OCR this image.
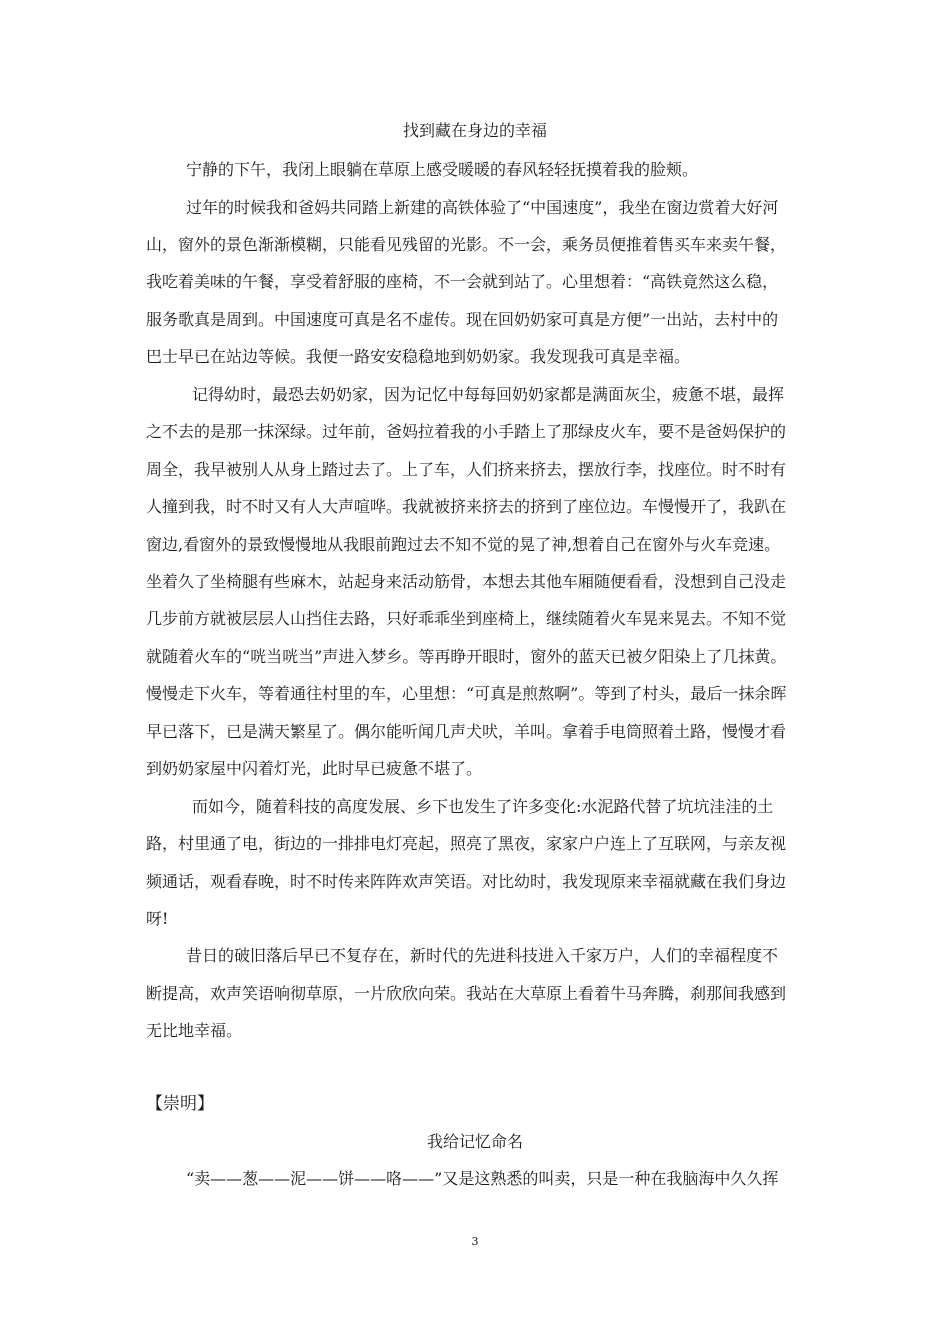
找到藏在身边的幸福

宁静的下午，我闭上眼躺在草原上感受暖暖的春风轻轻抚摸着我的脸颊。

过年的时候我和爸妈共同踏上新建的高铁体验了“中国速度”，我坐在窗边赏着大好河

山，窗外的景色渐渐模糊，只能看见残留的光影。不一会，乘务员便推着售买车来卖午餐，

我吃着美味的午餐，享受着舒服的座椅，不一会就到站了。心里想着：“高铁竟然这么稳，

服务歌真是周到。中国速度可真是名不虚传。现在回奶奶家可真是方便”一出站，去村中的

巴士早已在站边等候。我便一路安安稳稳地到奶奶家。我发现我可真是幸福。

记得幼时，最恐去奶奶家，因为记忆中每每回奶奶家都是满面灰尘，疲惫不堪，最挥

之不去的是那一抹深绿。过年前，爸妈拉着我的小手踏上了那绿皮火车，要不是爸妈保护的

周全，我早被别人从身上踏过去了。上了车，人们挤来挤去，摆放行李，找座位。时不时有

人撞到我，时不时又有人大声喧哗。我就被挤来挤去的挤到了座位边。车慢慢开了，我趴在

窗边,看窗外的景致慢慢地从我眼前跑过去不知不觉的晃了神,想着自己在窗外与火车竞速。

坐着久了坐椅腿有些麻木，站起身来活动筋骨，本想去其他车厢随便看看，没想到自己没走

几步前方就被层层人山挡住去路，只好乖乖坐到座椅上，继续随着火车晃来晃去。不知不觉

就随着火车的“咣当咣当”声进入梦乡。等再睁开眼时，窗外的蓝天已被夕阳染上了几抹黄。

慢慢走下火车，等着通往村里的车，心里想：“可真是煎熬啊”。等到了村头，最后一抹余晖

早已落下，已是满天繁星了。偶尔能听闻几声犬吠，羊叫。拿着手电筒照着土路，慢慢才看

到奶奶家屋中闪着灯光，此时早已疲惫不堪了。

而如今，随着科技的高度发展、乡下也发生了许多变化:水泥路代替了坑坑洼洼的土

路，村里通了电，街边的一排排电灯亮起，照亮了黑夜，家家户户连上了互联网，与亲友视

频通话，观看春晚，时不时传来阵阵欢声笑语。对比幼时，我发现原来幸福就藏在我们身边

呀!

昔日的破旧落后早已不复存在，新时代的先进科技进入千家万户，人们的幸福程度不

断提高，欢声笑语响彻草原，一片欣欣向荣。我站在大草原上看着牛马奔腾，刹那间我感到

无比地幸福。

【崇明】

我给记忆命名

“卖——葱——泥——饼——咯——”又是这熟悉的叫卖，只是一种在我脑海中久久挥

3
